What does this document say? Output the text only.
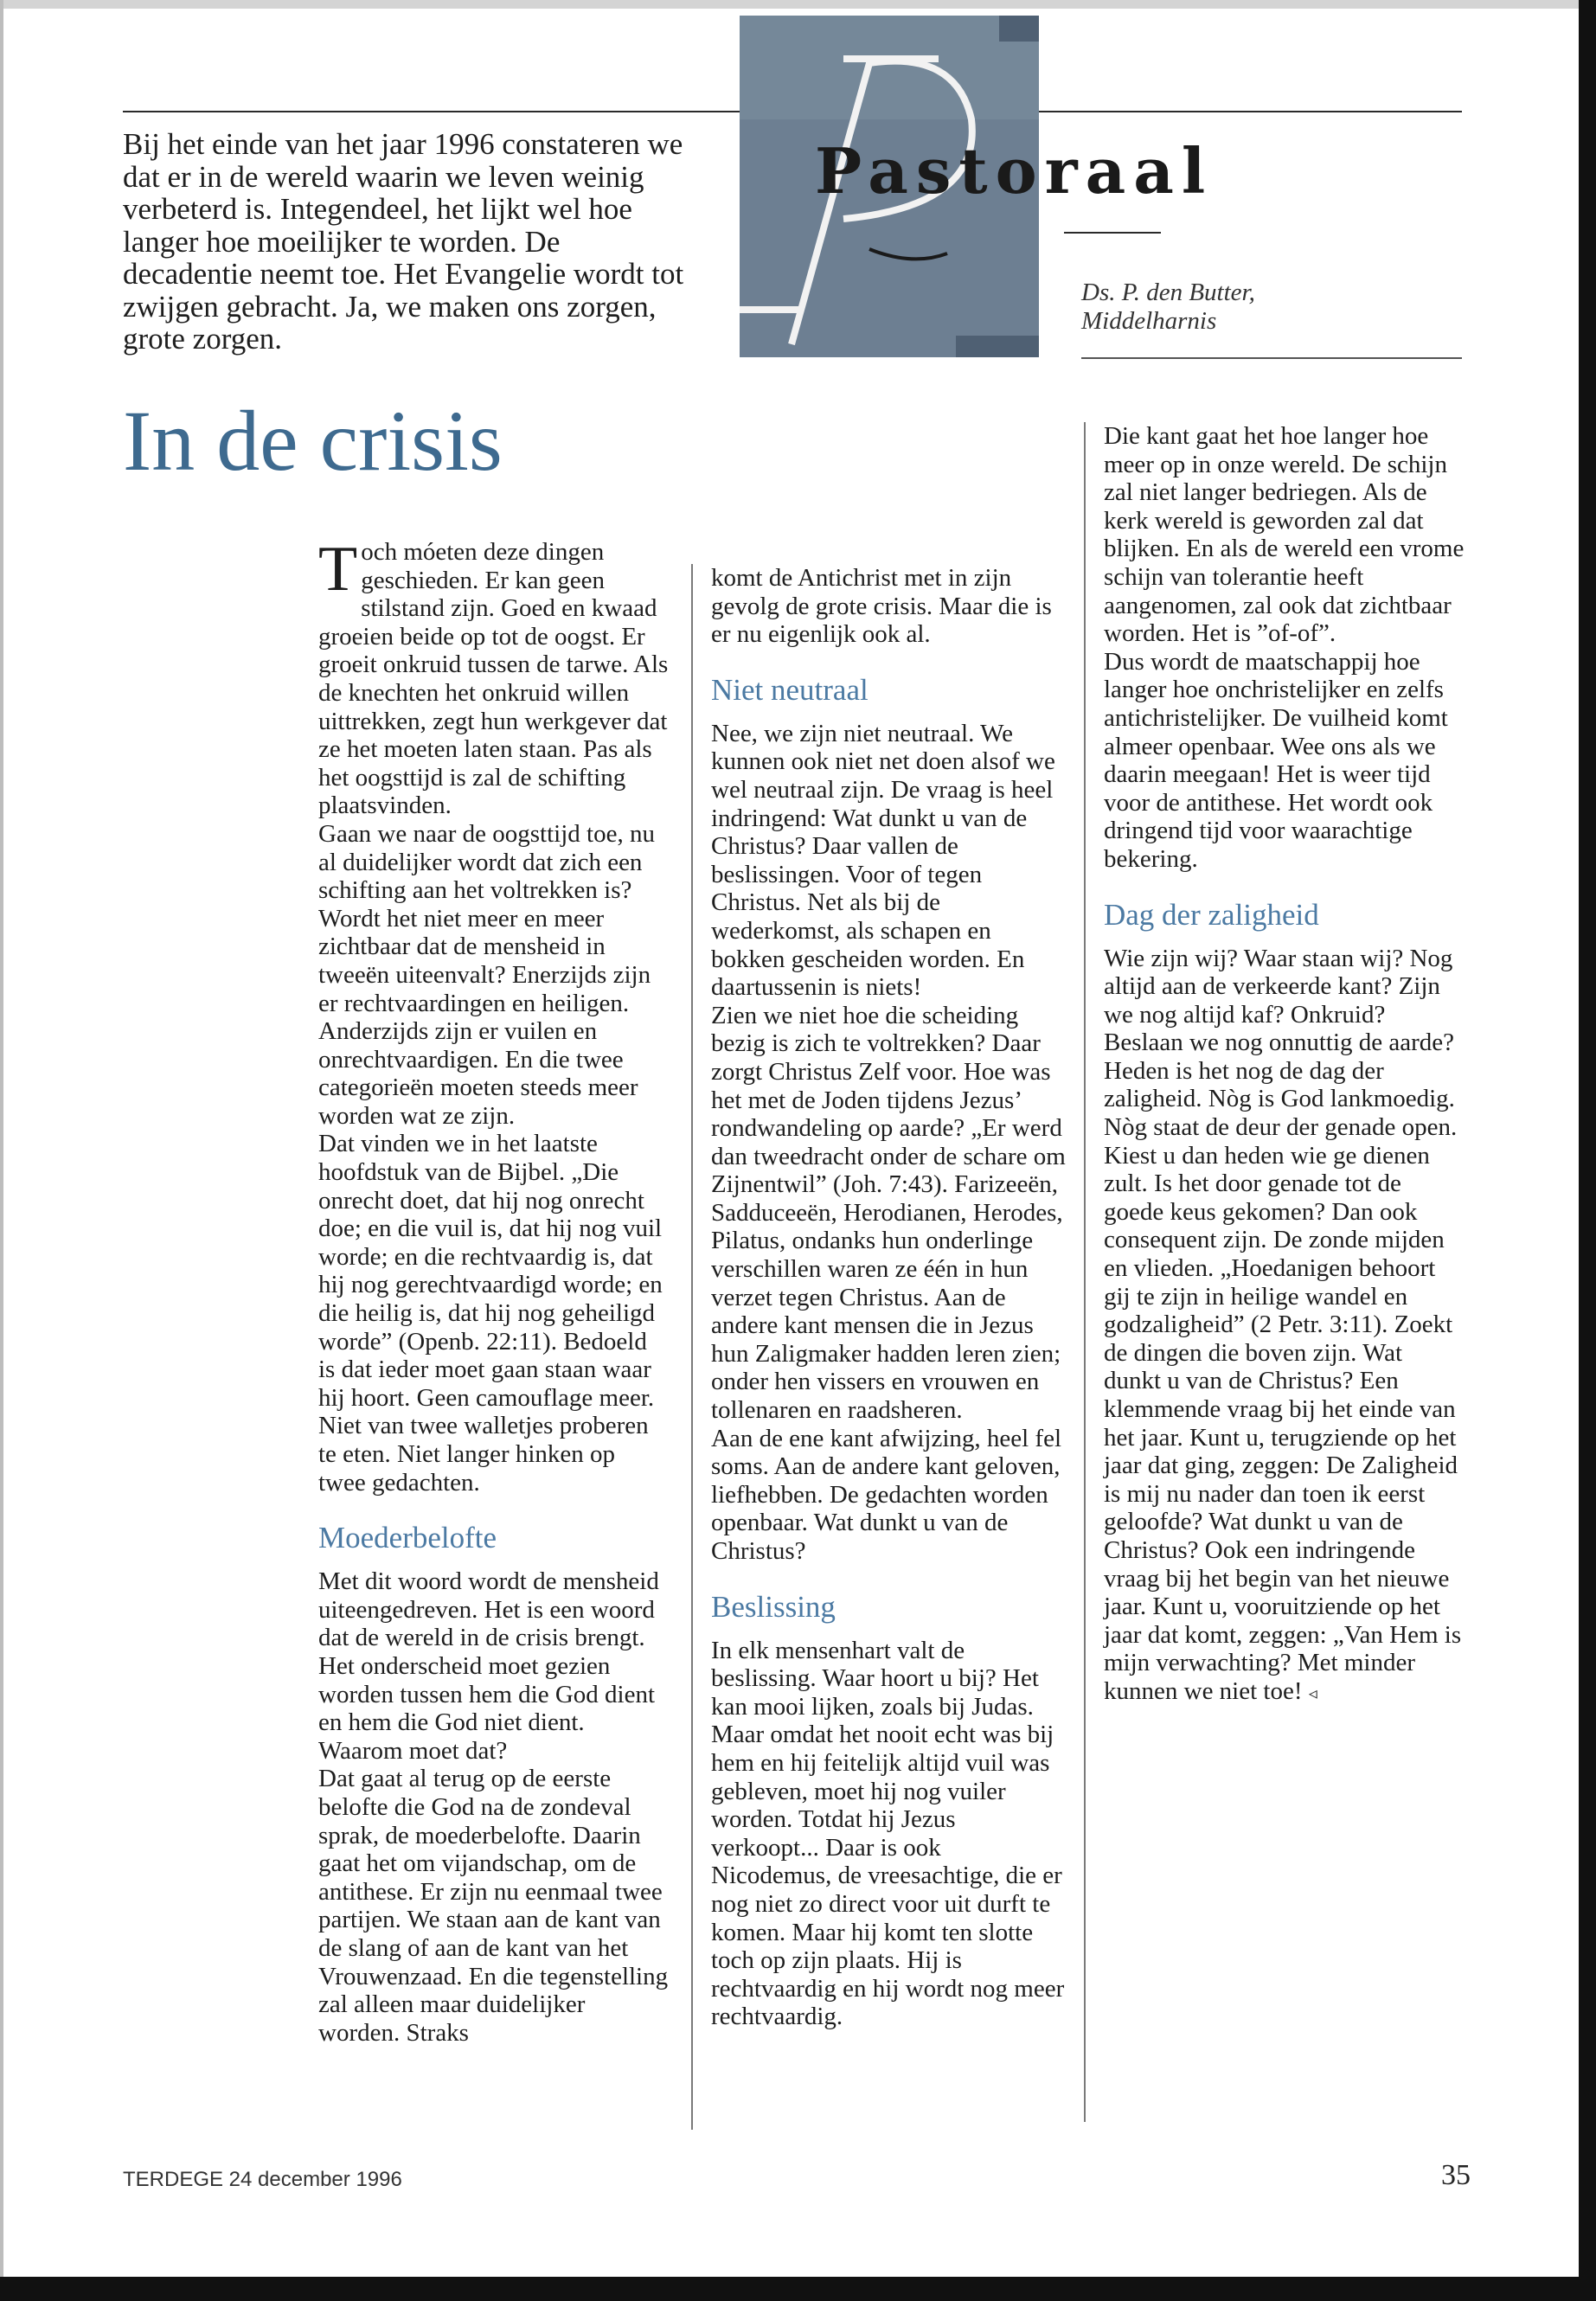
Bij het einde van het jaar 1996 constateren we dat er in de wereld waarin we leven weinig verbeterd is. Integendeel, het lijkt wel hoe langer hoe moeilijker te worden. De decadentie neemt toe. Het Evangelie wordt tot zwijgen gebracht. Ja, we maken ons zorgen, grote zorgen.

Pastoraal

Ds. P. den Butter,
Middelharnis

In de crisis

Toch móeten deze dingen geschieden. Er kan geen stilstand zijn. Goed en kwaad groeien beide op tot de oogst. Er groeit onkruid tussen de tarwe. Als de knechten het onkruid willen uittrekken, zegt hun werkgever dat ze het moeten laten staan. Pas als het oogsttijd is zal de schifting plaatsvinden.

Gaan we naar de oogsttijd toe, nu al duidelijker wordt dat zich een schifting aan het voltrekken is? Wordt het niet meer en meer zichtbaar dat de mensheid in tweeën uiteenvalt? Enerzijds zijn er rechtvaardingen en heiligen. Anderzijds zijn er vuilen en onrechtvaardigen. En die twee categorieën moeten steeds meer worden wat ze zijn.

Dat vinden we in het laatste hoofdstuk van de Bijbel. „Die onrecht doet, dat hij nog onrecht doe; en die vuil is, dat hij nog vuil worde; en die rechtvaardig is, dat hij nog gerechtvaardigd worde; en die heilig is, dat hij nog geheiligd worde” (Openb. 22:11). Bedoeld is dat ieder moet gaan staan waar hij hoort. Geen camouflage meer. Niet van twee walletjes proberen te eten. Niet langer hinken op twee gedachten.

Moederbelofte

Met dit woord wordt de mensheid uiteengedreven. Het is een woord dat de wereld in de crisis brengt. Het onderscheid moet gezien worden tussen hem die God dient en hem die God niet dient. Waarom moet dat?

Dat gaat al terug op de eerste belofte die God na de zondeval sprak, de moederbelofte. Daarin gaat het om vijandschap, om de antithese. Er zijn nu eenmaal twee partijen. We staan aan de kant van de slang of aan de kant van het Vrouwenzaad. En die tegenstelling zal alleen maar duidelijker worden. Straks

komt de Antichrist met in zijn gevolg de grote crisis. Maar die is er nu eigenlijk ook al.

Niet neutraal

Nee, we zijn niet neutraal. We kunnen ook niet net doen alsof we wel neutraal zijn. De vraag is heel indringend: Wat dunkt u van de Christus? Daar vallen de beslissingen. Voor of tegen Christus. Net als bij de wederkomst, als schapen en bokken gescheiden worden. En daartussenin is niets!

Zien we niet hoe die scheiding bezig is zich te voltrekken? Daar zorgt Christus Zelf voor. Hoe was het met de Joden tijdens Jezus’ rondwandeling op aarde? „Er werd dan tweedracht onder de schare om Zijnentwil” (Joh. 7:43). Farizeeën, Sadduceeën, Herodianen, Herodes, Pilatus, ondanks hun onderlinge verschillen waren ze één in hun verzet tegen Christus. Aan de andere kant mensen die in Jezus hun Zaligmaker hadden leren zien; onder hen vissers en vrouwen en tollenaren en raadsheren.

Aan de ene kant afwijzing, heel fel soms. Aan de andere kant geloven, liefhebben. De gedachten worden openbaar. Wat dunkt u van de Christus?

Beslissing

In elk mensenhart valt de beslissing. Waar hoort u bij? Het kan mooi lijken, zoals bij Judas. Maar omdat het nooit echt was bij hem en hij feitelijk altijd vuil was gebleven, moet hij nog vuiler worden. Totdat hij Jezus verkoopt... Daar is ook Nicodemus, de vreesachtige, die er nog niet zo direct voor uit durft te komen. Maar hij komt ten slotte toch op zijn plaats. Hij is rechtvaardig en hij wordt nog meer rechtvaardig.

Die kant gaat het hoe langer hoe meer op in onze wereld. De schijn zal niet langer bedriegen. Als de kerk wereld is geworden zal dat blijken. En als de wereld een vrome schijn van tolerantie heeft aangenomen, zal ook dat zichtbaar worden. Het is ”of-of”.

Dus wordt de maatschappij hoe langer hoe onchristelijker en zelfs antichristelijker. De vuilheid komt almeer openbaar. Wee ons als we daarin meegaan! Het is weer tijd voor de antithese. Het wordt ook dringend tijd voor waarachtige bekering.

Dag der zaligheid

Wie zijn wij? Waar staan wij? Nog altijd aan de verkeerde kant? Zijn we nog altijd kaf? Onkruid? Beslaan we nog onnuttig de aarde? Heden is het nog de dag der zaligheid. Nòg is God lankmoedig. Nòg staat de deur der genade open. Kiest u dan heden wie ge dienen zult. Is het door genade tot de goede keus gekomen? Dan ook consequent zijn. De zonde mijden en vlieden. „Hoedanigen behoort gij te zijn in heilige wandel en godzaligheid” (2 Petr. 3:11). Zoekt de dingen die boven zijn. Wat dunkt u van de Christus? Een klemmende vraag bij het einde van het jaar. Kunt u, terugziende op het jaar dat ging, zeggen: De Zaligheid is mij nu nader dan toen ik eerst geloofde? Wat dunkt u van de Christus? Ook een indringende vraag bij het begin van het nieuwe jaar. Kunt u, vooruitziende op het jaar dat komt, zeggen: „Van Hem is mijn verwachting? Met minder kunnen we niet toe! ◃

TERDEGE 24 december 1996	35
